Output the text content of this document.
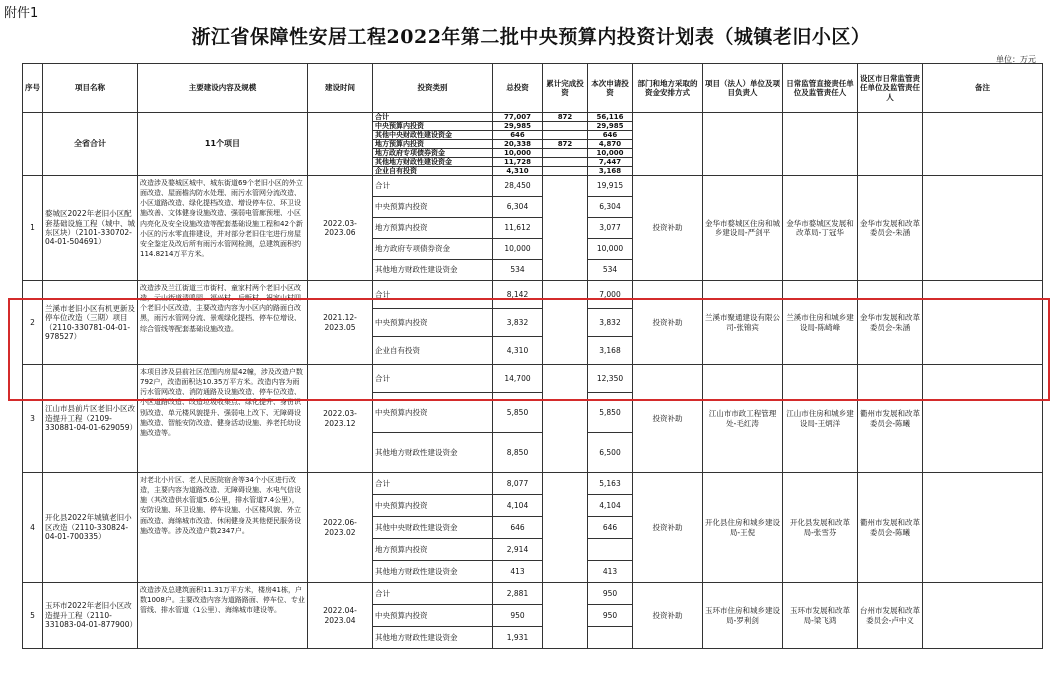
附件1
浙江省保障性安居工程2022年第二批中央预算内投资计划表（城镇老旧小区）
单位：万元
序号	项目名称	主要建设内容及规模	建设时间	投资类别	总投资	累计完成投资	本次申请投资	部门和地方采取的资金安排方式	项目（法人）单位及项目负责人	日常监管直接责任单位及监管责任人	设区市日常监管责任单位及监管责任人	备注
	全省合计	11个项目		合计	77,007	872	56,116					
				中央预算内投资	29,985		29,985					
				其他中央财政性建设资金	646		646					
				地方预算内投资	20,338	872	4,870					
				地方政府专项债券资金	10,000		10,000					
				其他地方财政性建设资金	11,728		7,447					
				企业自有投资	4,310		3,168					
1	婺城区2022年老旧小区配套基础设施工程（城中、城东区块）（2101-330702-04-01-504691）	改造涉及婺城区城中、城东街道69个老旧小区的外立面改造、屋面檐沟防水处理、雨污水管网分流改造、小区道路改造、绿化提档改造、增设停车位、环卫设施改善、文体健身设施改造、强弱电管廊预埋、小区内亮化及安全设施改造等配套基础设施工程和42个新小区的污水零直排建设，并对部分老旧住宅进行房屋安全鉴定及改后所有雨污水管网检测，总建筑面积约114.8214万平方米。	2022.03-2023.06	合计	28,450		19,915	投资补助	金华市婺城区住房和城乡建设局-严剑平	金华市婺城区发展和改革局-丁冠华	金华市发展和改革委员会-朱涵	
				中央预算内投资	6,304		6,304					
				地方预算内投资	11,612		3,077					
				地方政府专项债券资金	10,000		10,000					
				其他地方财政性建设资金	534		534					
2	兰溪市老旧小区有机更新及停车位改造（三期）项目（2110-330781-04-01-978527）	改造涉及兰江街道三市街村、童家村两个老旧小区改造，云山街道清鸣园、福兴村、后畈村、祝家山村四个老旧小区改造，主要改造内容为小区内的路面白改黑，雨污水管网分流、景观绿化提档、停车位增设、综合管线等配套基础设施改造。	2021.12-2023.05	合计	8,142		7,000	投资补助	兰溪市聚通建设有限公司-张锦宾	兰溪市住房和城乡建设局-陈崎峰	金华市发展和改革委员会-朱涵	
				中央预算内投资	3,832		3,832					
				企业自有投资	4,310		3,168					
3	江山市县前片区老旧小区改造提升工程（2109-330881-04-01-629059）	本项目涉及县前社区范围内房屋42幢，涉及改造户数792户，改造面积达10.35万平方米。改造内容为雨污水管网改造、消防通路及设施改造、停车位改造、小区道路改造、改造垃圾收集点、绿化提升、身份识别改造、单元楼风貌提升、强弱电上改下、无障碍设施改造、智能安防改造、健身活动设施、养老托幼设施改造等。	2022.03-2023.12	合计	14,700		12,350	投资补助	江山市市政工程管理处-毛红涛	江山市住房和城乡建设局-王炳洋	衢州市发展和改革委员会-陈曦	
				中央预算内投资	5,850		5,850					
				其他地方财政性建设资金	8,850		6,500					
4	开化县2022年城镇老旧小区改造（2110-330824-04-01-700335）	对老北小片区、老人民医院宿舍等34个小区进行改造，主要内容为道路改造、无障碍设施、水电气信设施（其改造供水管道5.6公里，排水管道7.4公里），安防设施、环卫设施、停车设施、小区楼风貌、外立面改造、海绵城市改造、休闲健身及其他便民服务设施改造等。涉及改造户数2347户。	2022.06-2023.02	合计	8,077		5,163	投资补助	开化县住房和城乡建设局-王倪	开化县发展和改革局-张雪芬	衢州市发展和改革委员会-陈曦	
				中央预算内投资	4,104		4,104					
				其他中央财政性建设资金	646		646					
				地方预算内投资	2,914							
				其他地方财政性建设资金	413		413					
5	玉环市2022年老旧小区改造提升工程（2110-331083-04-01-877900）	改造涉及总建筑面积11.31万平方米，楼房41栋，户数1008户。主要改造内容为道路路面、停车位、专业管线、排水管道（1公里）、海绵城市建设等。	2022.04-2023.04	合计	2,881		950	投资补助	玉环市住房和城乡建设局-罗利剑	玉环市发展和改革局-梁飞鸿	台州市发展和改革委员会-卢中义	
				中央预算内投资	950		950					
				其他地方财政性建设资金	1,931							
